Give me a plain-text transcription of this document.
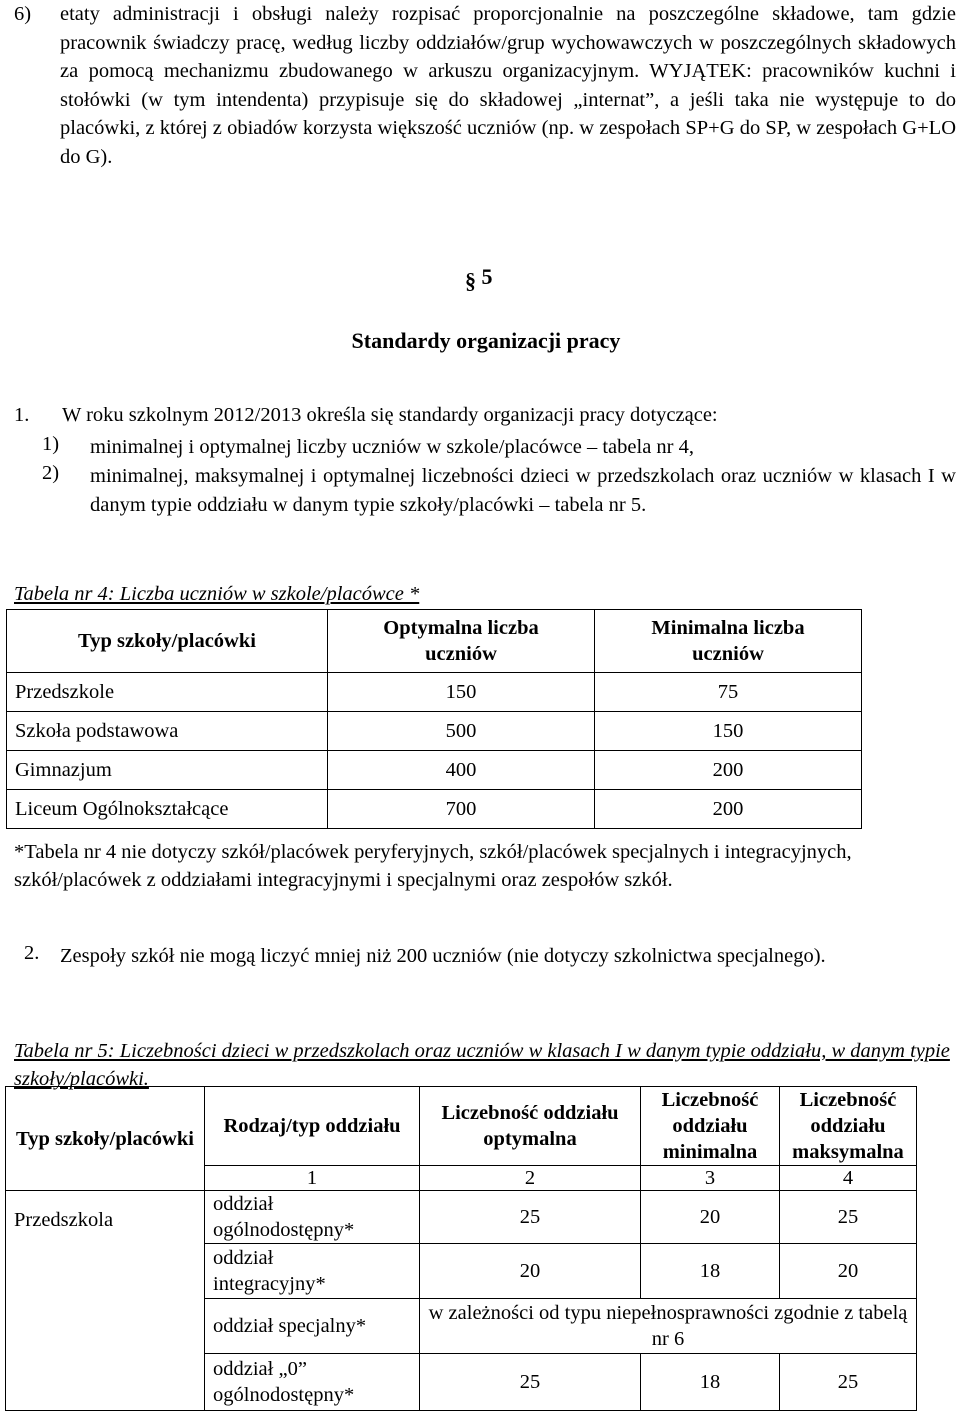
6) etaty administracji i obsługi należy rozpisać proporcjonalnie na poszczególne składowe, tam gdzie pracownik świadczy pracę, według liczby oddziałów/grup wychowawczych w poszczególnych składowych za pomocą mechanizmu zbudowanego w arkuszu organizacyjnym. WYJĄTEK: pracowników kuchni i stołówki (w tym intendenta) przypisuje się do składowej „internat”, a jeśli taka nie występuje to do placówki, z której z obiadów korzysta większość uczniów (np. w zespołach SP+G do SP, w zespołach G+LO do G).
§ 5
Standardy organizacji pracy
1. W roku szkolnym 2012/2013 określa się standardy organizacji pracy dotyczące:
1) minimalnej i optymalnej liczby uczniów w szkole/placówce – tabela nr 4,
2) minimalnej, maksymalnej i optymalnej liczebności dzieci w przedszkolach oraz uczniów w klasach I w danym typie oddziału w danym typie szkoły/placówki – tabela nr 5.
Tabela nr 4: Liczba uczniów w szkole/placówce *
Typ szkoły/placówki	Optymalna liczba uczniów	Minimalna liczba uczniów
Przedszkole	150	75
Szkoła podstawowa	500	150
Gimnazjum	400	200
Liceum Ogólnokształcące	700	200
*Tabela nr 4 nie dotyczy szkół/placówek peryferyjnych, szkół/placówek specjalnych i integracyjnych, szkół/placówek z oddziałami integracyjnymi i specjalnymi oraz zespołów szkół.
2. Zespoły szkół nie mogą liczyć mniej niż 200 uczniów (nie dotyczy szkolnictwa specjalnego).
Tabela nr 5: Liczebności dzieci w przedszkolach oraz uczniów w klasach I w danym typie oddziału, w danym typie szkoły/placówki.
Typ szkoły/placówki	Rodzaj/typ oddziału	Liczebność oddziału optymalna	Liczebność oddziału minimalna	Liczebność oddziału maksymalna
	1	2	3	4
Przedszkola	oddział ogólnodostępny*	25	20	25
	oddział integracyjny*	20	18	20
	oddział specjalny*	w zależności od typu niepełnosprawności zgodnie z tabelą nr 6		
	oddział „0” ogólnodostępny*	25	18	25
